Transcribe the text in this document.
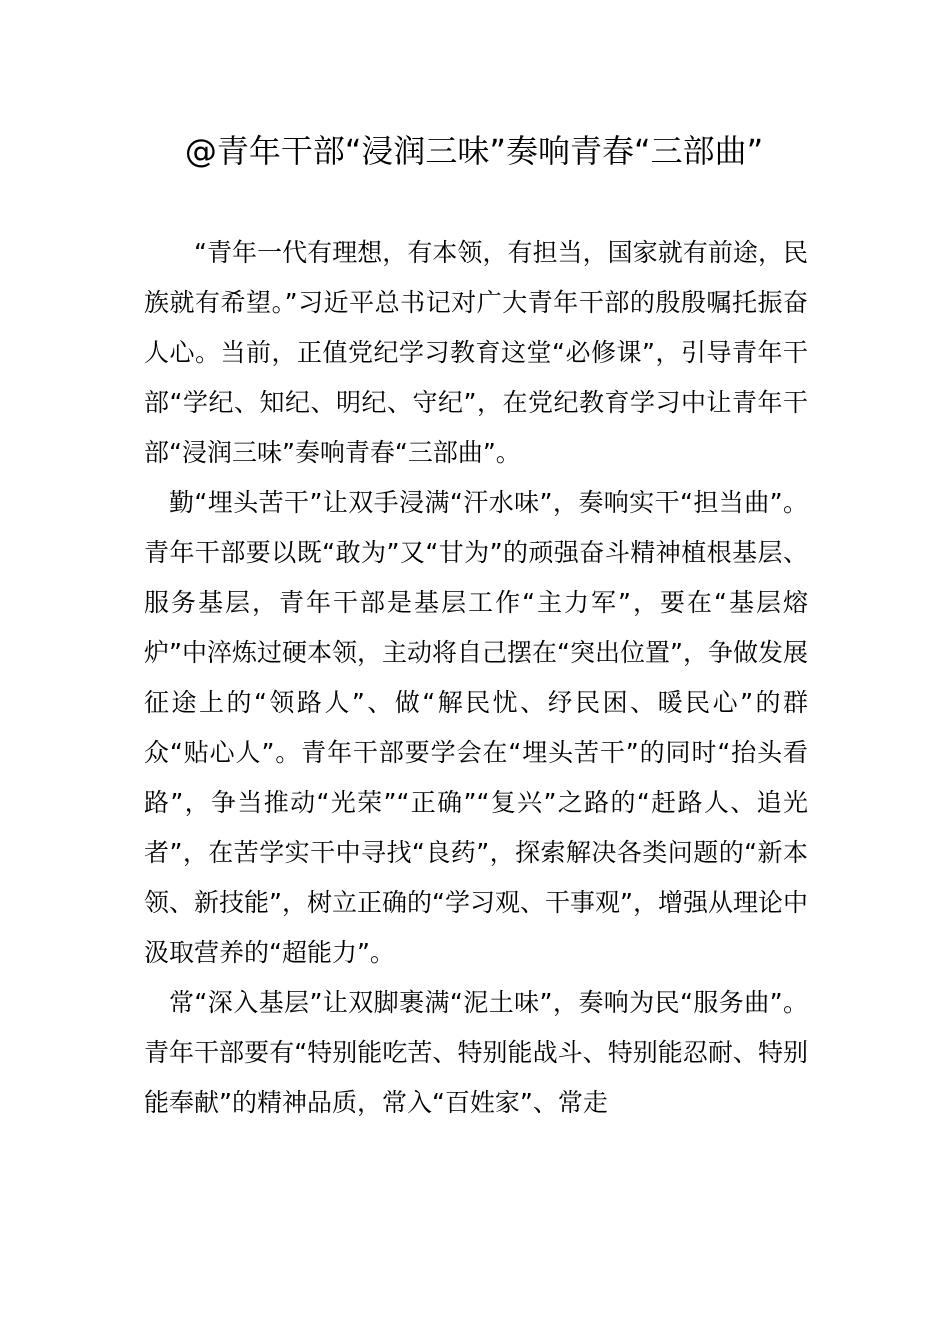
@青年干部“浸润三味”奏响青春“三部曲”

“青年一代有理想，有本领，有担当，国家就有前途，民族就有希望。”习近平总书记对广大青年干部的殷殷嘱托振奋人心。当前，正值党纪学习教育这堂“必修课”，引导青年干部“学纪、知纪、明纪、守纪”，在党纪教育学习中让青年干部“浸润三味”奏响青春“三部曲”。

勤“埋头苦干”让双手浸满“汗水味”，奏响实干“担当曲”。青年干部要以既“敢为”又“甘为”的顽强奋斗精神植根基层、服务基层，青年干部是基层工作“主力军”，要在“基层熔炉”中淬炼过硬本领，主动将自己摆在“突出位置”，争做发展征途上的“领路人”、做“解民忧、纾民困、暖民心”的群众“贴心人”。青年干部要学会在“埋头苦干”的同时“抬头看路”，争当推动“光荣”“正确”“复兴”之路的“赶路人、追光者”，在苦学实干中寻找“良药”，探索解决各类问题的“新本领、新技能”，树立正确的“学习观、干事观”，增强从理论中汲取营养的“超能力”。

常“深入基层”让双脚裹满“泥土味”，奏响为民“服务曲”。青年干部要有“特别能吃苦、特别能战斗、特别能忍耐、特别能奉献”的精神品质，常入“百姓家”、常走
